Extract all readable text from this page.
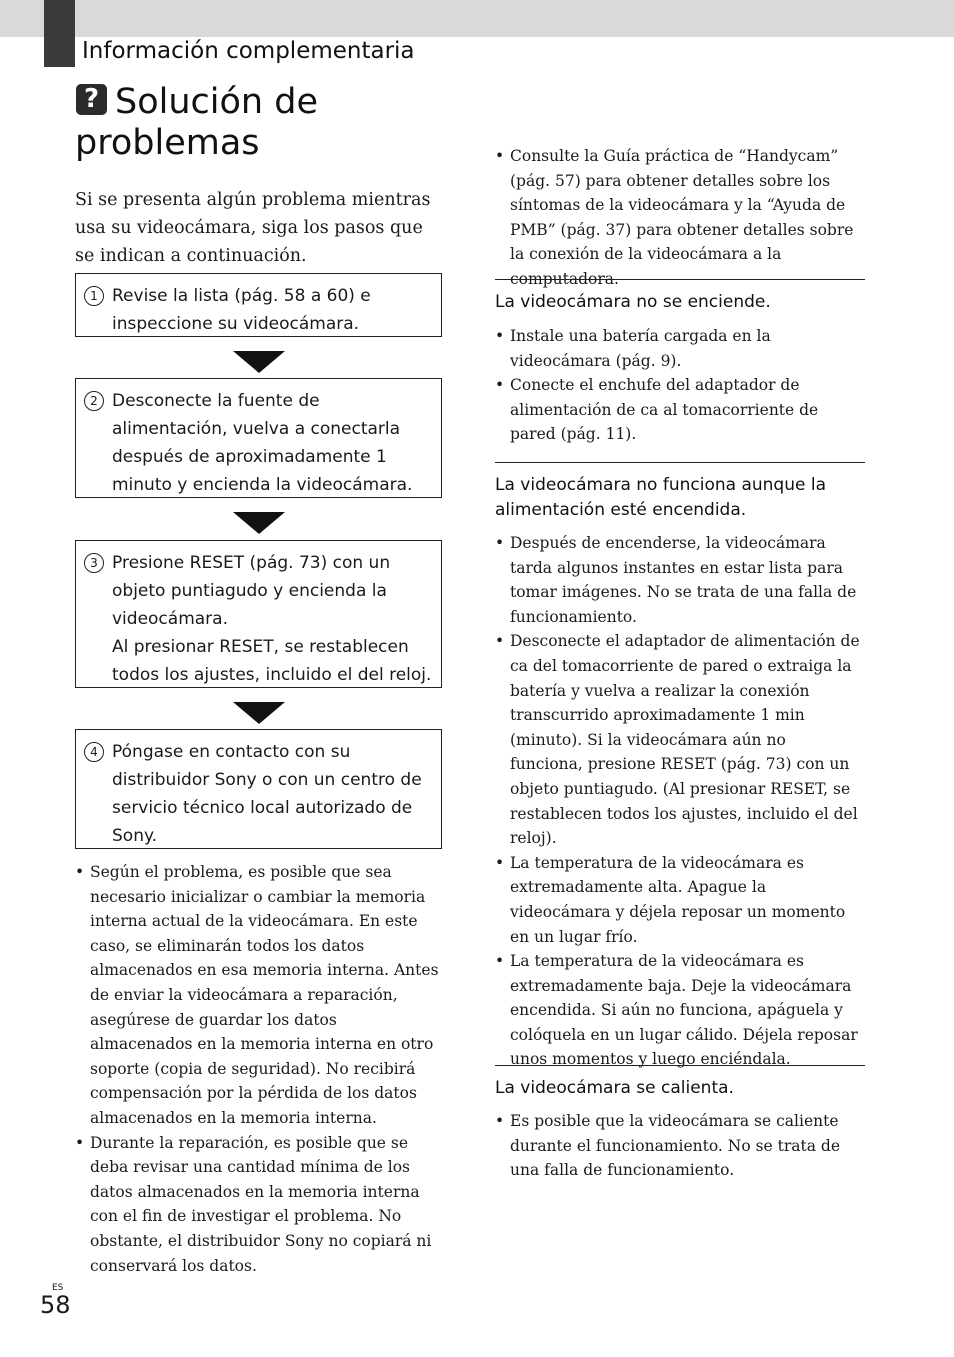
Información complementaria
? Solución de problemas

Si se presenta algún problema mientras usa su videocámara, siga los pasos que se indican a continuación.

1 Revise la lista (pág. 58 a 60) e inspeccione su videocámara.

2 Desconecte la fuente de alimentación, vuelva a conectarla después de aproximadamente 1 minuto y encienda la videocámara.

3 Presione RESET (pág. 73) con un objeto puntiagudo y encienda la videocámara.

Al presionar RESET, se restablecen todos los ajustes, incluido el del reloj.

4 Póngase en contacto con su distribuidor Sony o con un centro de servicio técnico local autorizado de Sony.

• Según el problema, es posible que sea necesario inicializar o cambiar la memoria interna actual de la videocámara. En este caso, se eliminarán todos los datos almacenados en esa memoria interna. Antes de enviar la videocámara a reparación, asegúrese de guardar los datos almacenados en la memoria interna en otro soporte (copia de seguridad). No recibirá compensación por la pérdida de los datos almacenados en la memoria interna.
• Durante la reparación, es posible que se deba revisar una cantidad mínima de los datos almacenados en la memoria interna con el fin de investigar el problema. No obstante, el distribuidor Sony no copiará ni conservará los datos.
• Consulte la Guía práctica de “Handycam” (pág. 57) para obtener detalles sobre los síntomas de la videocámara y la “Ayuda de PMB” (pág. 37) para obtener detalles sobre la conexión de la videocámara a la computadora.
La videocámara no se enciende.
• Instale una batería cargada en la videocámara (pág. 9).
• Conecte el enchufe del adaptador de alimentación de ca al tomacorriente de pared (pág. 11).
La videocámara no funciona aunque la alimentación esté encendida.
• Después de encenderse, la videocámara tarda algunos instantes en estar lista para tomar imágenes. No se trata de una falla de funcionamiento.
• Desconecte el adaptador de alimentación de ca del tomacorriente de pared o extraiga la batería y vuelva a realizar la conexión transcurrido aproximadamente 1 min (minuto). Si la videocámara aún no funciona, presione RESET (pág. 73) con un objeto puntiagudo. (Al presionar RESET, se restablecen todos los ajustes, incluido el del reloj).
• La temperatura de la videocámara es extremadamente alta. Apague la videocámara y déjela reposar un momento en un lugar frío.
• La temperatura de la videocámara es extremadamente baja. Deje la videocámara encendida. Si aún no funciona, apáguela y colóquela en un lugar cálido. Déjela reposar unos momentos y luego enciéndala.
La videocámara se calienta.
• Es posible que la videocámara se caliente durante el funcionamiento. No se trata de una falla de funcionamiento.
ES
58
